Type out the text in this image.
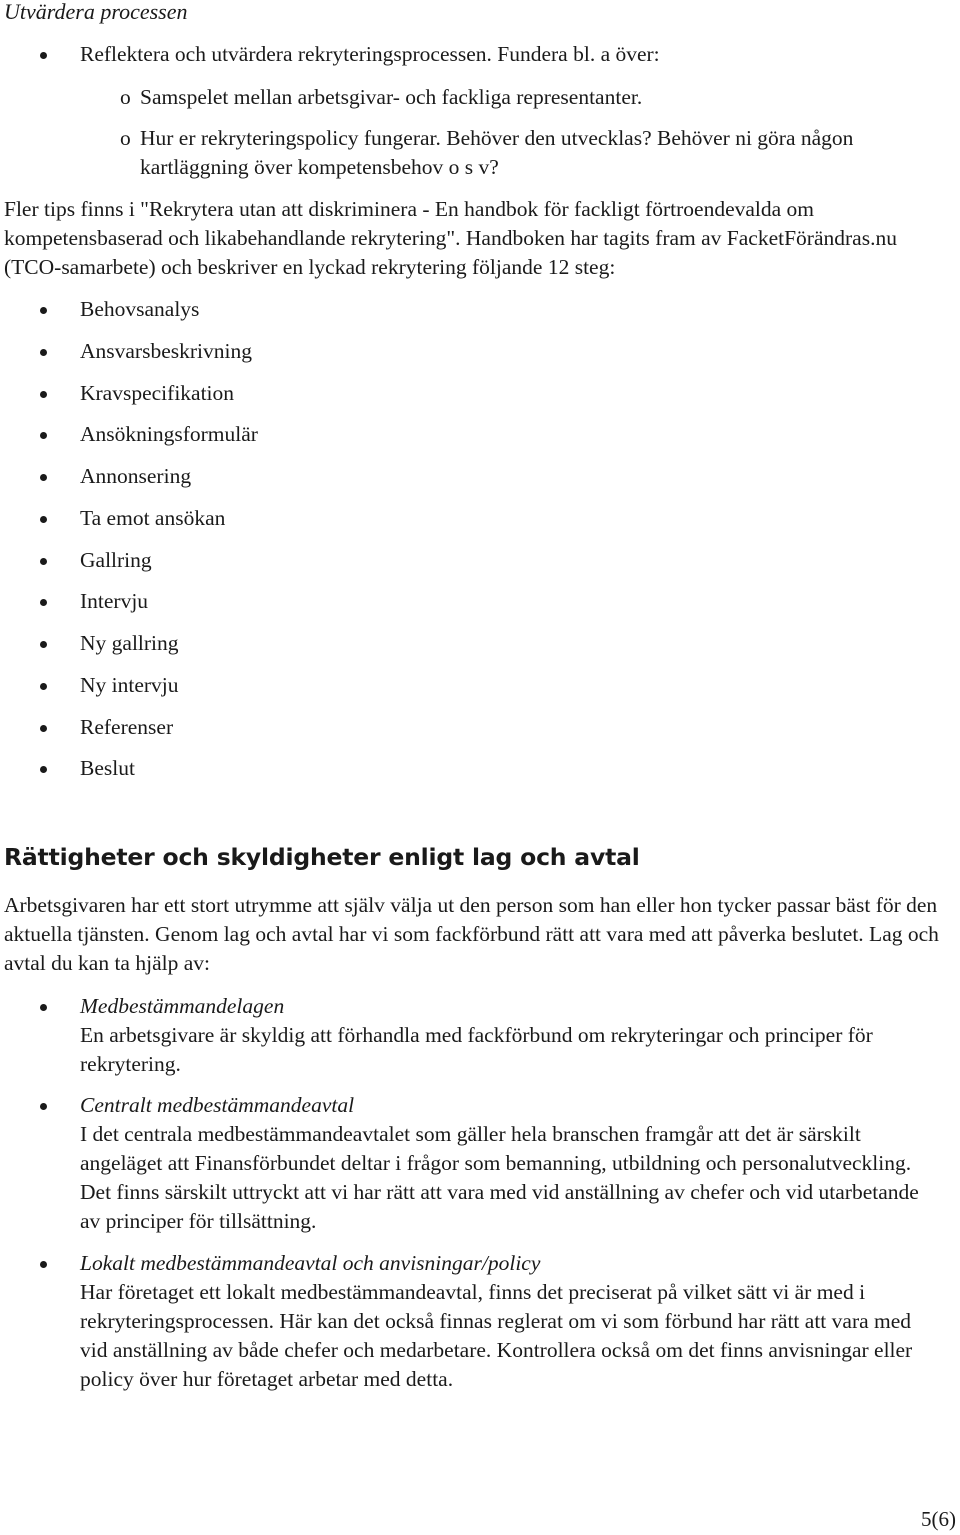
Utvärdera processen
Reflektera och utvärdera rekryteringsprocessen. Fundera bl. a över:
o Samspelet mellan arbetsgivar- och fackliga representanter.
o Hur er rekryteringspolicy fungerar. Behöver den utvecklas? Behöver ni göra någon kartläggning över kompetensbehov o s v?

Fler tips finns i "Rekrytera utan att diskriminera - En handbok för fackligt förtroendevalda om kompetensbaserad och likabehandlande rekrytering". Handboken har tagits fram av FacketFörändras.nu (TCO-samarbete) och beskriver en lyckad rekrytering följande 12 steg:

Behovsanalys
Ansvarsbeskrivning
Kravspecifikation
Ansökningsformulär
Annonsering
Ta emot ansökan
Gallring
Intervju
Ny gallring
Ny intervju
Referenser
Beslut
Rättigheter och skyldigheter enligt lag och avtal

Arbetsgivaren har ett stort utrymme att själv välja ut den person som han eller hon tycker passar bäst för den aktuella tjänsten. Genom lag och avtal har vi som fackförbund rätt att vara med att påverka beslutet. Lag och avtal du kan ta hjälp av:

Medbestämmandelagen
En arbetsgivare är skyldig att förhandla med fackförbund om rekryteringar och principer för rekrytering.
Centralt medbestämmandeavtal
I det centrala medbestämmandeavtalet som gäller hela branschen framgår att det är särskilt angeläget att Finansförbundet deltar i frågor som bemanning, utbildning och personalutveckling. Det finns särskilt uttryckt att vi har rätt att vara med vid anställning av chefer och vid utarbetande av principer för tillsättning.
Lokalt medbestämmandeavtal och anvisningar/policy
Har företaget ett lokalt medbestämmandeavtal, finns det preciserat på vilket sätt vi är med i rekryteringsprocessen. Här kan det också finnas reglerat om vi som förbund har rätt att vara med vid anställning av både chefer och medarbetare. Kontrollera också om det finns anvisningar eller policy över hur företaget arbetar med detta.
5(6)
